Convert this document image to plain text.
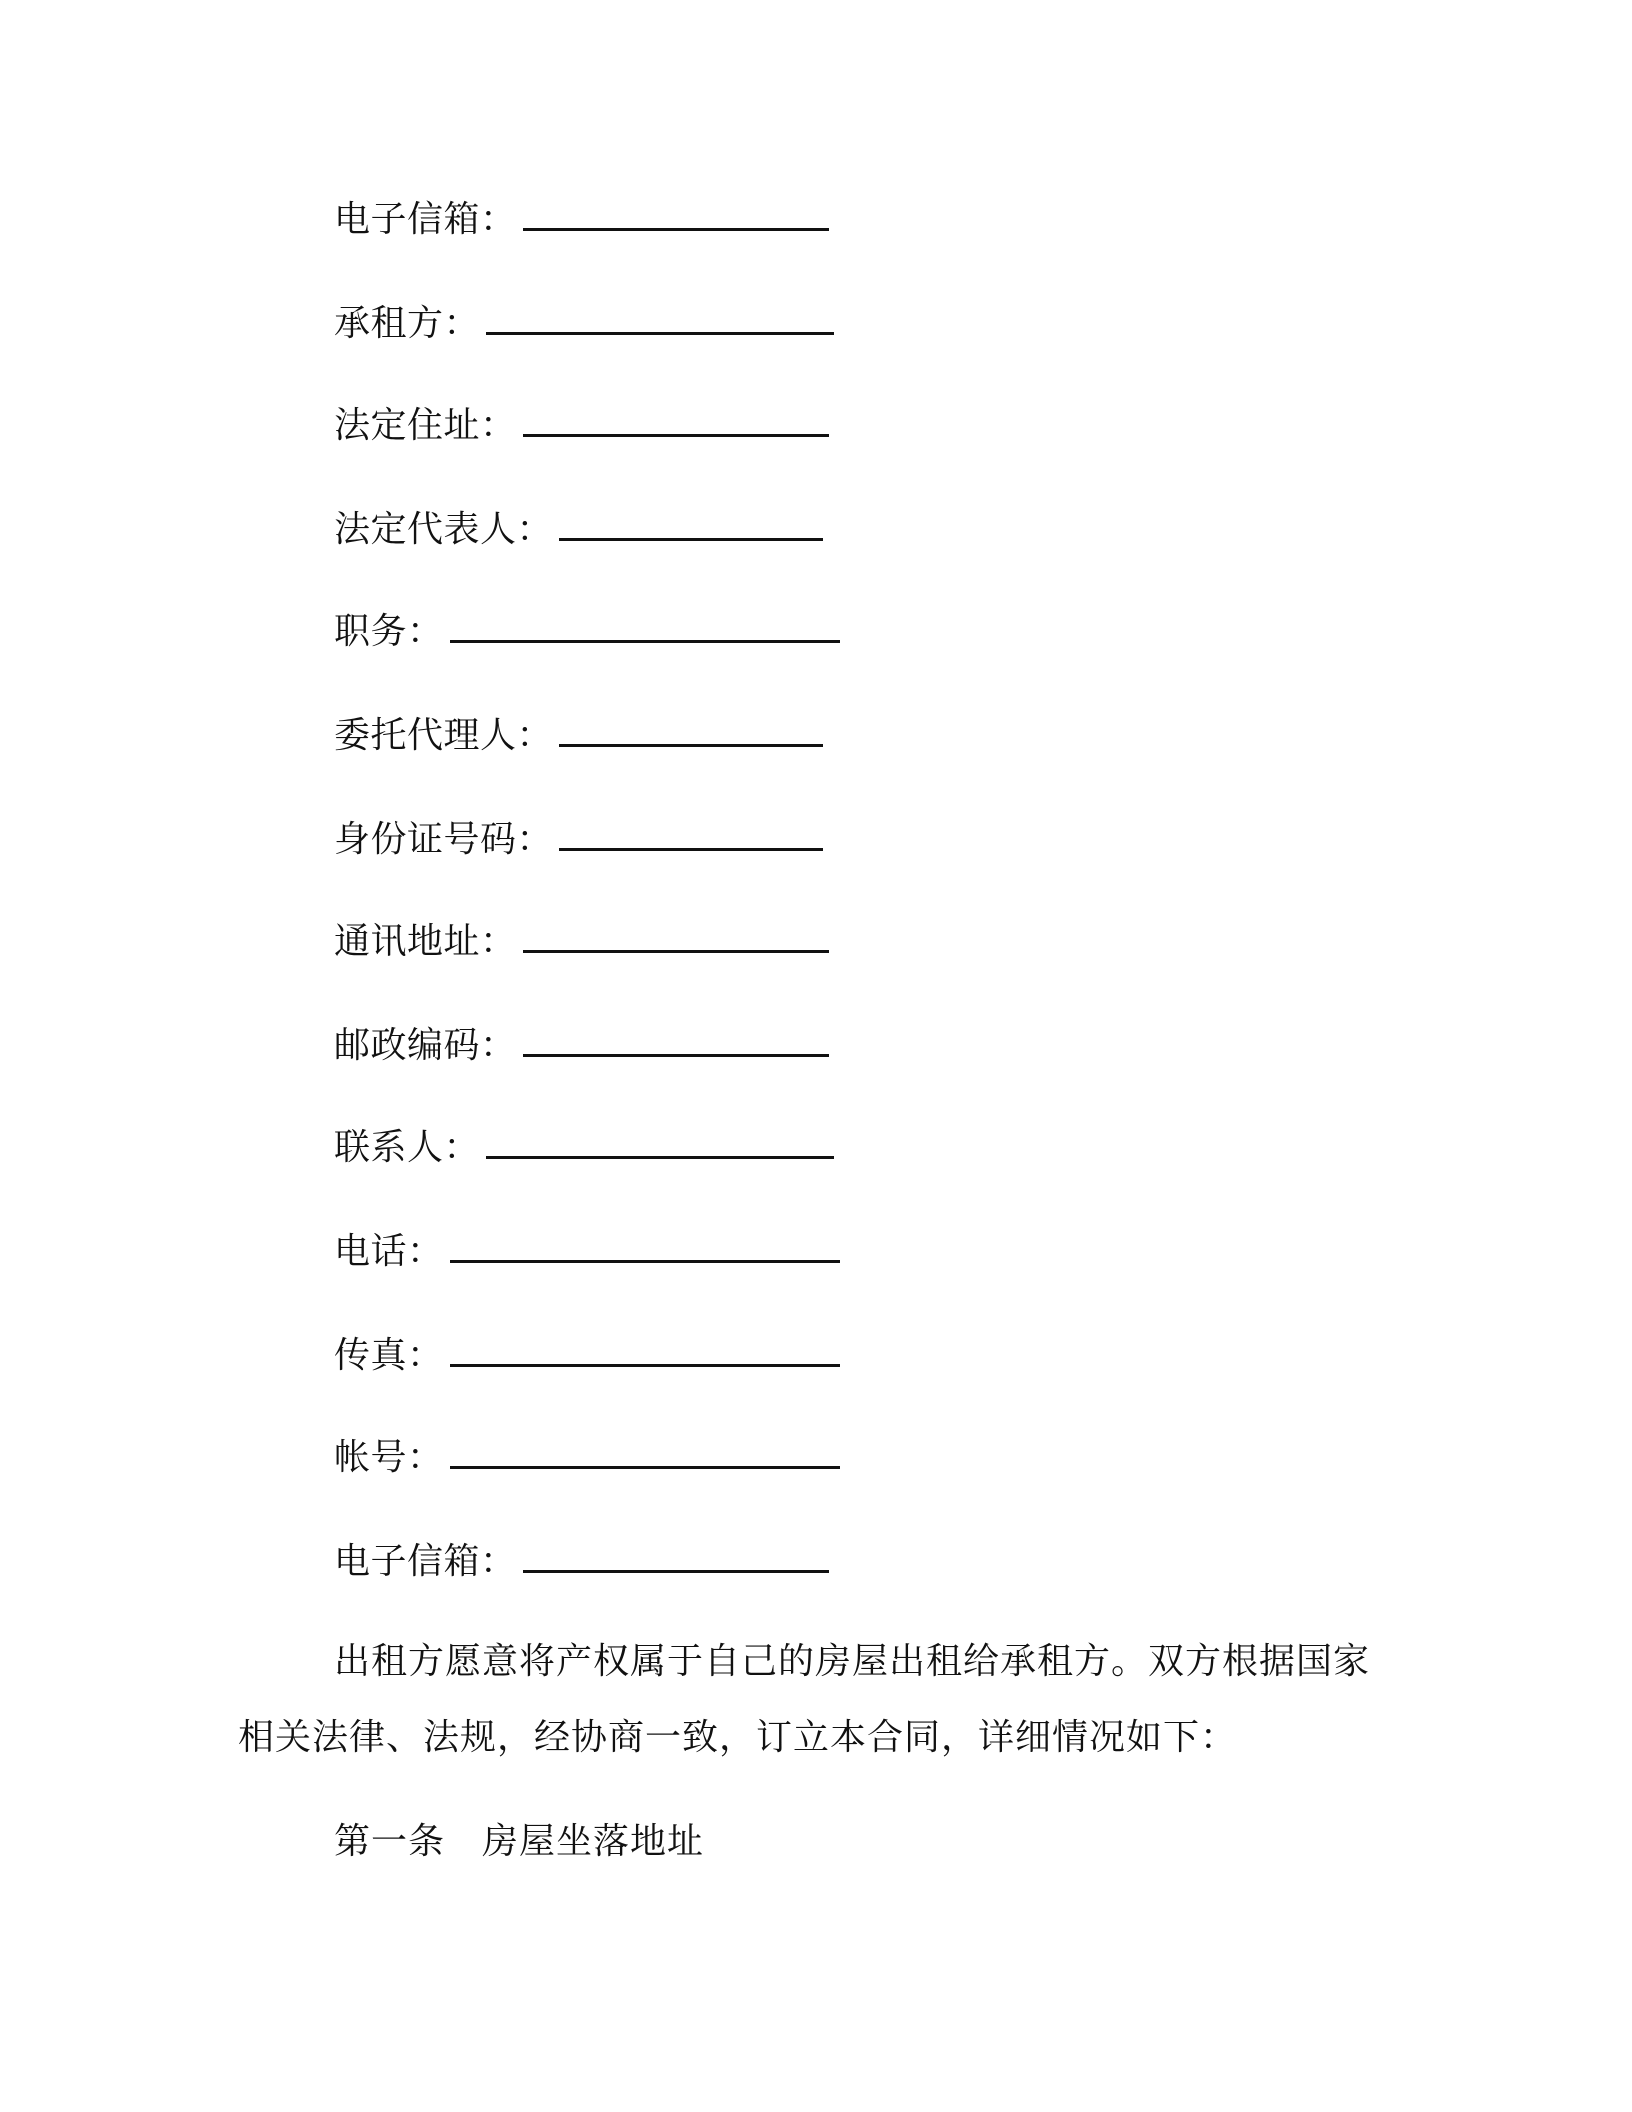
电子信箱：
承租方：
法定住址：
法定代表人：
职务：
委托代理人：
身份证号码：
通讯地址：
邮政编码：
联系人：
电话：
传真：
帐号：
电子信箱：
出租方愿意将产权属于自己的房屋出租给承租方。双方根据国家
相关法律、法规，经协商一致，订立本合同，详细情况如下：
第一条　房屋坐落地址
